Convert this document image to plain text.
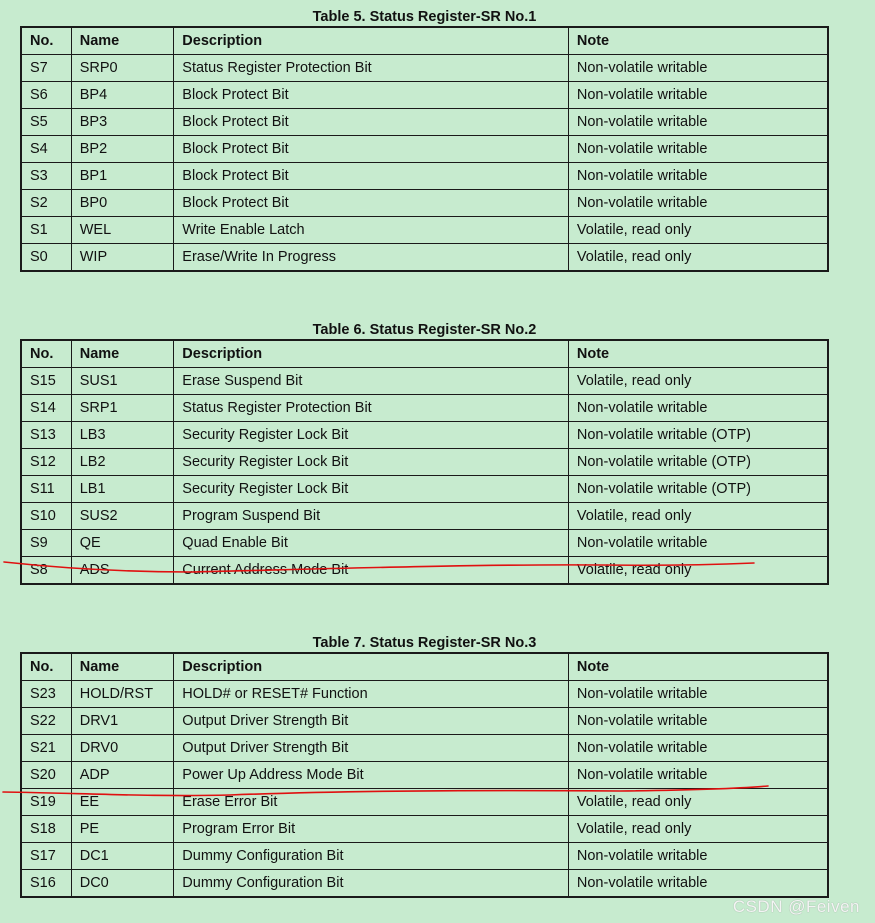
Table 5. Status Register-SR No.1
No.	Name	Description	Note
S7	SRP0	Status Register Protection Bit	Non-volatile writable
S6	BP4	Block Protect Bit	Non-volatile writable
S5	BP3	Block Protect Bit	Non-volatile writable
S4	BP2	Block Protect Bit	Non-volatile writable
S3	BP1	Block Protect Bit	Non-volatile writable
S2	BP0	Block Protect Bit	Non-volatile writable
S1	WEL	Write Enable Latch	Volatile, read only
S0	WIP	Erase/Write In Progress	Volatile, read only
Table 6. Status Register-SR No.2
No.	Name	Description	Note
S15	SUS1	Erase Suspend Bit	Volatile, read only
S14	SRP1	Status Register Protection Bit	Non-volatile writable
S13	LB3	Security Register Lock Bit	Non-volatile writable (OTP)
S12	LB2	Security Register Lock Bit	Non-volatile writable (OTP)
S11	LB1	Security Register Lock Bit	Non-volatile writable (OTP)
S10	SUS2	Program Suspend Bit	Volatile, read only
S9	QE	Quad Enable Bit	Non-volatile writable
S8	ADS	Current Address Mode Bit	Volatile, read only
Table 7. Status Register-SR No.3
No.	Name	Description	Note
S23	HOLD/RST	HOLD# or RESET# Function	Non-volatile writable
S22	DRV1	Output Driver Strength Bit	Non-volatile writable
S21	DRV0	Output Driver Strength Bit	Non-volatile writable
S20	ADP	Power Up Address Mode Bit	Non-volatile writable
S19	EE	Erase Error Bit	Volatile, read only
S18	PE	Program Error Bit	Volatile, read only
S17	DC1	Dummy Configuration Bit	Non-volatile writable
S16	DC0	Dummy Configuration Bit	Non-volatile writable
CSDN @Feiven
